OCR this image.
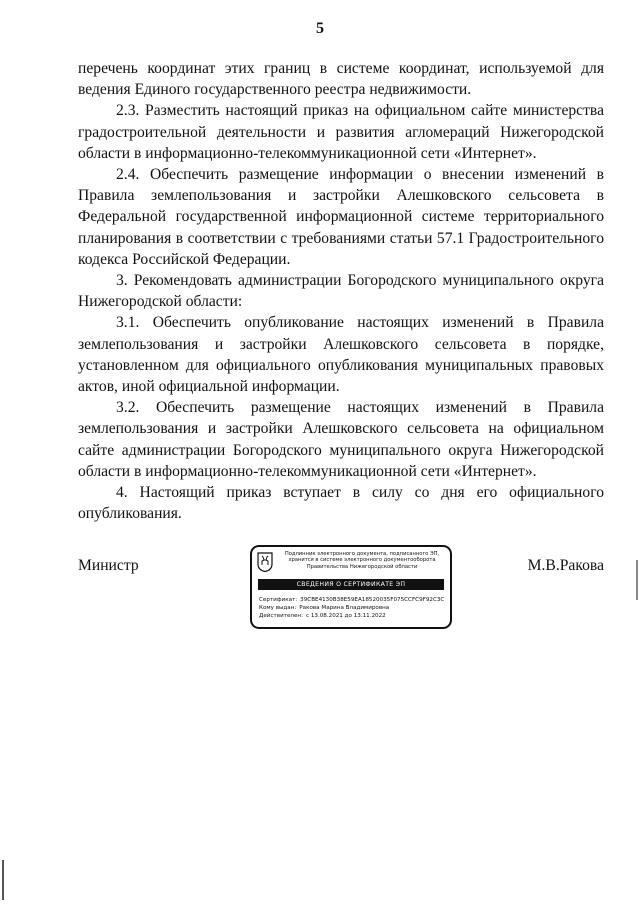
5

перечень координат этих границ в системе координат, используемой для ведения Единого государственного реестра недвижимости.

2.3. Разместить настоящий приказ на официальном сайте министерства градостроительной деятельности и развития агломераций Нижегородской области в информационно-телекоммуникационной сети «Интернет».

2.4. Обеспечить размещение информации о внесении изменений в Правила землепользования и застройки Алешковского сельсовета в Федеральной государственной информационной системе территориального планирования в соответствии с требованиями статьи 57.1 Градостроительного кодекса Российской Федерации.

3. Рекомендовать администрации Богородского муниципального округа Нижегородской области:

3.1. Обеспечить опубликование настоящих изменений в Правила землепользования и застройки Алешковского сельсовета в порядке, установленном для официального опубликования муниципальных правовых актов, иной официальной информации.

3.2. Обеспечить размещение настоящих изменений в Правила землепользования и застройки Алешковского сельсовета на официальном сайте администрации Богородского муниципального округа Нижегородской области в информационно-телекоммуникационной сети «Интернет».

4. Настоящий приказ вступает в силу со дня его официального опубликования.

Министр
Подлинник электронного документа, подписанного ЭП,
хранится в системе электронного документооборота
Правительства Нижегородской области
СВЕДЕНИЯ О СЕРТИФИКАТЕ ЭП
Сертификат: 39CBE4130B38E59EA18520035F075CCFC9F92C3C
Кому выдан: Ракова Марина Владимировна
Действителен: с 13.08.2021 до 13.11.2022
М.В.Ракова
